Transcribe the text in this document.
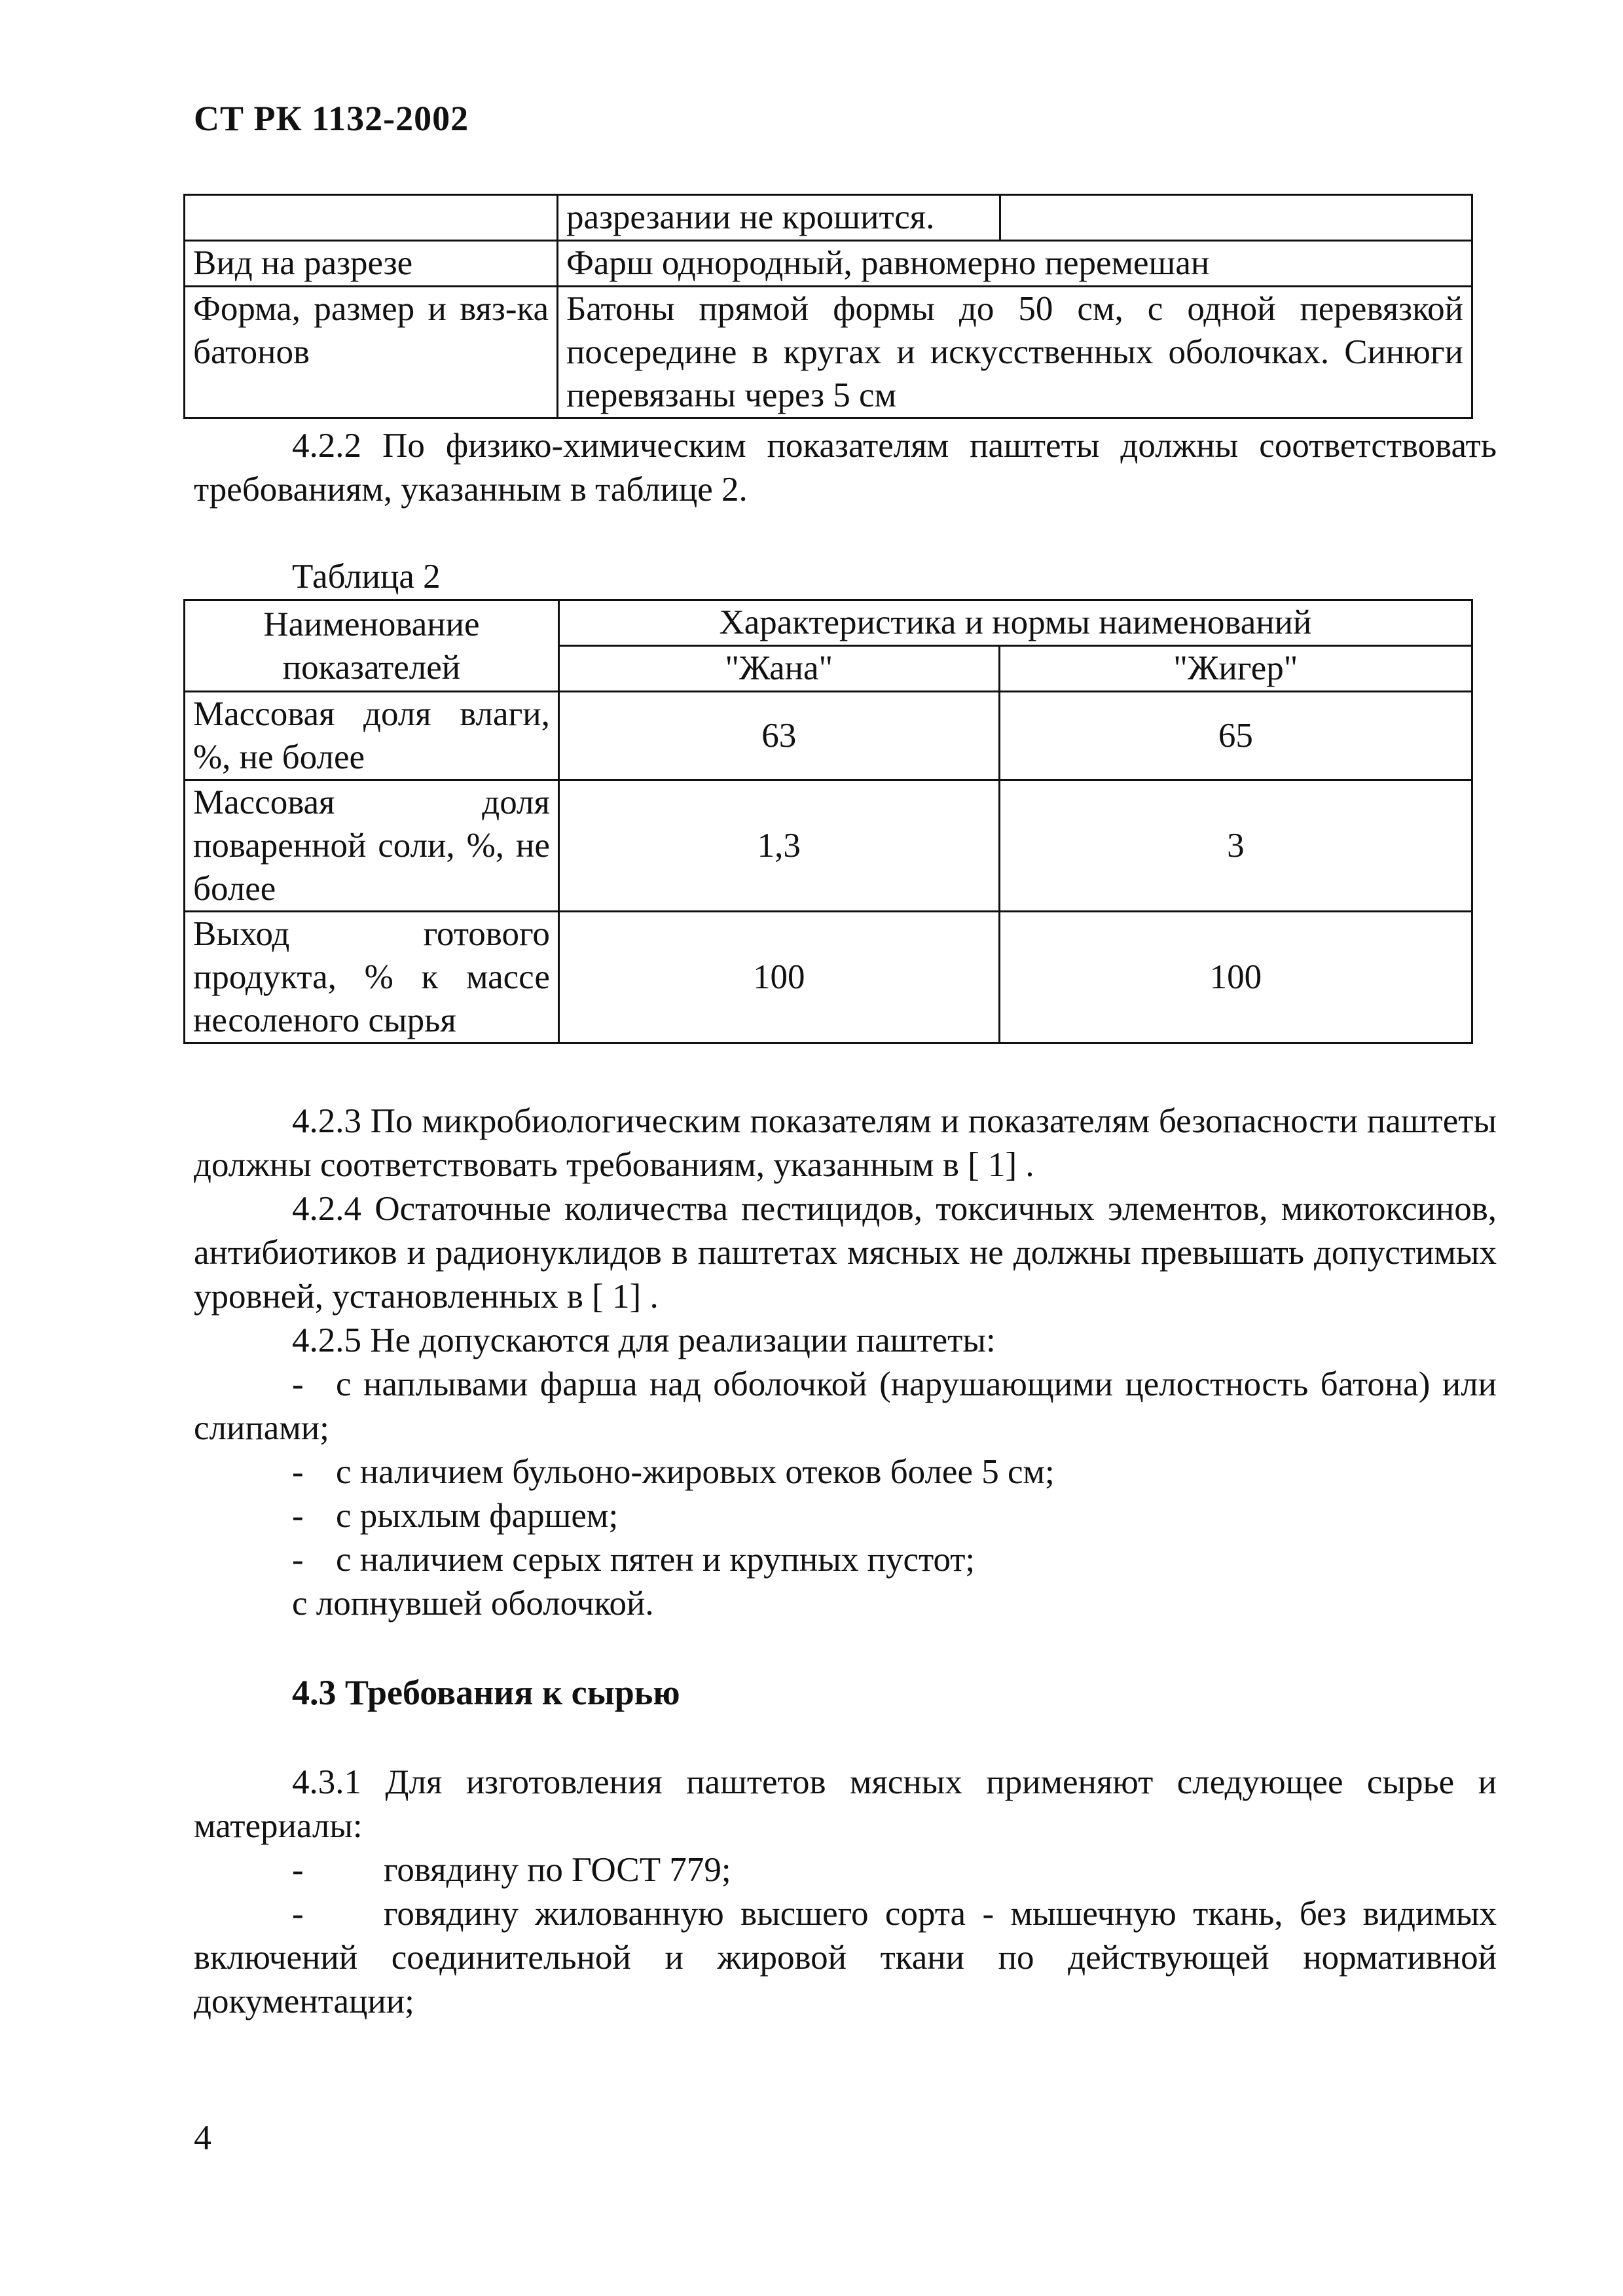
СТ РК 1132-2002
	разрезании не крошится.	
Вид на разрезе	Фарш однородный, равномерно перемешан	
Форма, размер и вяз-ка батонов	Батоны прямой формы до 50 см, с одной перевязкой посередине в кругах и искусственных оболочках. Синюги перевязаны через 5 см	
4.2.2 По физико-химическим показателям паштеты должны соответствовать требованиям, указанным в таблице 2.
Таблица 2
Наименование показателей	Характеристика и нормы наименований	
	"Жана"	"Жигер"
Массовая доля влаги, %, не более	63	65
Массовая доля поваренной соли, %, не более	1,3	3
Выход готового продукта, % к массе несоленого сырья	100	100
4.2.3 По микробиологическим показателям и показателям безопасности паштеты должны соответствовать требованиям, указанным в [ 1] .
4.2.4 Остаточные количества пестицидов, токсичных элементов, микотоксинов, антибиотиков и радионуклидов в паштетах мясных не должны превышать допустимых уровней, установленных в [ 1] .
4.2.5 Не допускаются для реализации паштеты:
- с наплывами фарша над оболочкой (нарушающими целостность батона) или слипами;
- с наличием бульоно-жировых отеков более 5 см;
- с рыхлым фаршем;
- с наличием серых пятен и крупных пустот;
с лопнувшей оболочкой.
4.3 Требования к сырью
4.3.1 Для изготовления паштетов мясных применяют следующее сырье и материалы:
- говядину по ГОСТ 779;
-	говядину жилованную высшего сорта - мышечную ткань, без видимых включений соединительной и жировой ткани по действующей нормативной документации;
4
